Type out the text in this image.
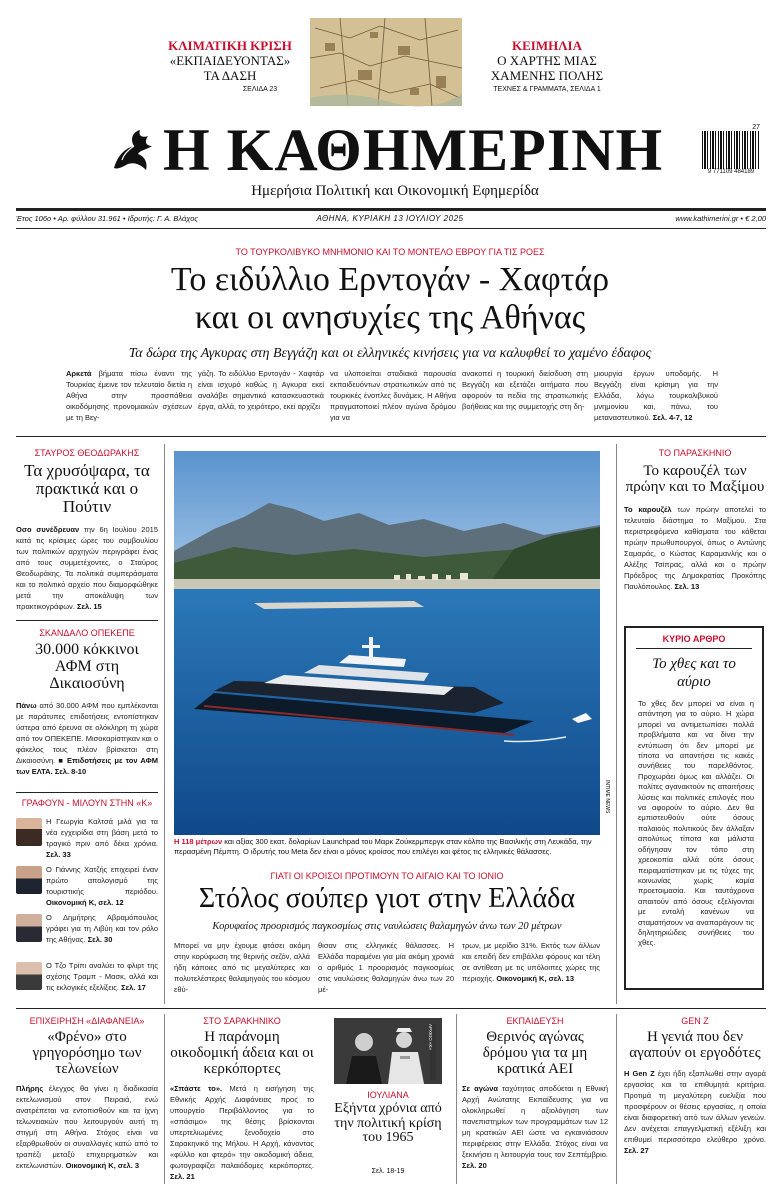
ΚΛΙΜΑΤΙΚΗ ΚΡΙΣΗ
«ΕΚΠΑΙΔΕΥΟΝΤΑΣ»
ΤΑ ΔΑΣΗ
ΣΕΛΙΔΑ 23
ΚΕΙΜΗΛΙΑ
Ο ΧΑΡΤΗΣ ΜΙΑΣ
ΧΑΜΕΝΗΣ ΠΟΛΗΣ
ΤΕΧΝΕΣ & ΓΡΑΜΜΑΤΑ, ΣΕΛΙΔΑ 1
Η ΚΑΘΗΜΕΡΙΝΗ
Ημερήσια Πολιτική και Οικονομική Εφημερίδα
27
9 771109 484189
Έτος 106ο • Αρ. φύλλου 31.961 • Ιδρυτής: Γ. Α. Βλάχος	ΑΘΗΝΑ, ΚΥΡΙΑΚΗ 13 ΙΟΥΛΙΟΥ 2025	www.kathimerini.gr • € 2,00
ΤΟ ΤΟΥΡΚΟΛΙΒΥΚΟ ΜΝΗΜΟΝΙΟ ΚΑΙ ΤΟ ΜΟΝΤΕΛΟ ΕΒΡΟΥ ΓΙΑ ΤΙΣ ΡΟΕΣ
Το ειδύλλιο Ερντογάν - Χαφτάρ
και οι ανησυχίες της Αθήνας
Τα δώρα της Αγκυρας στη Βεγγάζη και οι ελληνικές κινήσεις για να καλυφθεί το χαμένο έδαφος
Αρκετά βήματα πίσω έναντι της Τουρκίας έμεινε τον τελευταίο διετία η Αθήνα στην προσπάθεια οικοδόμησης προνομιακών σχέσεων με τη Βεγ-
γάζη. Το ειδύλλιο Ερντογάν - Χαφτάρ είναι ισχυρό καθώς η Αγκυρα εκεί αναλάβει σημαντικά κατασκευαστικά έργα, αλλά, το χειρότερο, εκεί αρχίζει
να υλοποιείται σταδιακά παρουσία εκπαιδευόντων στρατιωτικών από τις τουρκικές ένοπλες δυνάμεις. Η Αθήνα πραγματοποιεί πλέον αγώνα δρόμου για να
ανακοπεί η τουρκική διείσδυση στη Βεγγάζη και εξετάζει αιτήματα που αφορούν τα πεδία της στρατιωτικής βοήθειας και της συμμετοχής στη δη-
μιουργία έργων υποδομής. Η Βεγγάζη είναι κρίσιμη για την Ελλάδα, λόγω τουρκολιβυκού μνημονίου και, πάνω, του μεταναστευτικού. Σελ. 4-7, 12
ΣΤΑΥΡΟΣ ΘΕΟΔΩΡΑΚΗΣ
Τα χρυσόψαρα, τα πρακτικά και ο Πούτιν
Οσο συνέδρευαν την 6η Ιουλίου 2015 κατά τις κρίσιμες ώρες του συμβουλίου των πολιτικών αρχηγών περιγράφει ένας από τους συμμετέχοντες, ο Σταύρος Θεοδωράκης. Τα πολιτικά συμπεράσματα και το πολιτικό αρχείο που διαμορφώθηκε μετά την αποκάλυψη των πρακτικογράφων. Σελ. 15
ΣΚΑΝΔΑΛΟ ΟΠΕΚΕΠΕ
30.000 κόκκινοι ΑΦΜ στη Δικαιοσύνη
Πάνω από 30.000 ΑΦΜ που εμπλέκονται με παράτυπες επιδοτήσεις εντοπίστηκαν ύστερα από έρευνα σε ολόκληρη τη χώρα από τον ΟΠΕΚΕΠΕ. Μισοκαρίστηκαν και ο φάκελος τους πλέον βρίσκεται στη Δικαιοσύνη. ■ Επιδοτήσεις με τον ΑΦΜ των ΕΛΤΑ. Σελ. 8-10
ΓΡΑΦΟΥΝ - ΜΙΛΟΥΝ ΣΤΗΝ «Κ»
Η Γεωργία Καλτσά μιλά για τα νέα εγχειρίδια στη βάση μετά το τραγικό πριν από δέκα χρόνια. Σελ. 33
Ο Γιάννης Χατζής επιχειρεί έναν πρώτο απολογισμό της τουριστικής περιόδου. Οικονομική Κ, σελ. 12
Ο Δημήτρης Αβραμόπουλος γράφει για τη Λιβύη και τον ρόλο της Αθήνας. Σελ. 30
Ο Τζο Τρίπι αναλύει το φλιρτ της σχέσης Τραμπ - Μασκ, αλλά και τις εκλογικές εξελίξεις. Σελ. 17
Η 118 μέτρων και αξίας 300 εκατ. δολαρίων Launchpad του Μαρκ Ζούκερμπεργκ σταν κόλπο της Βασιλικής στη Λευκάδα, την περασμένη Πέμπτη. Ο ιδρυτής του Meta δεν είναι ο μόνος κροίσος που επιλέγει και φέτος τις ελληνικές θάλασσες.
INTIME NEWS
ΓΙΑΤΙ ΟΙ ΚΡΟΙΣΟΙ ΠΡΟΤΙΜΟΥΝ ΤΟ ΑΙΓΑΙΟ ΚΑΙ ΤΟ ΙΟΝΙΟ
Στόλος σούπερ γιοτ στην Ελλάδα
Κορυφαίος προορισμός παγκοσμίως στις ναυλώσεις θαλαμηγών άνω των 20 μέτρων
Μπορεί να μην έχουμε φτάσει ακόμη στην κορύφωση της θερινής σεζόν, αλλά ήδη κάποιες από τις μεγαλύτερες και πολυτελέστερες θαλαμηγούς του κόσμου εθύ-
θισαν στις ελληνικές θάλασσες. Η Ελλάδα παραμένει για μία ακόμη χρονιά ο αριθμός 1 προορισμός παγκοσμίως στις ναυλώσεις θαλαμηγών άνω των 20 μέ-
τρων, με μερίδιο 31%. Εκτός των άλλων και επειδή δεν επιβάλλει φόρους και τέλη σε αντίθεση με τις υπόλοιπες χώρες της περιοχής. Οικονομική Κ, σελ. 13
ΤΟ ΠΑΡΑΣΚΗΝΙΟ
Το καρουζέλ των πρώην και το Μαξίμου
Το καρουζέλ των πρώην αποτελεί το τελευταίο διάστημα το Μαξίμου. Στα περιστρεφόμενα καθίσματα του κάθεται πρώην πρωθυπουργοί, όπως ο Αντώνης Σαμαράς, ο Κώστας Καραμανλής και ο Αλέξης Τσίπρας, αλλά και ο πρώην Πρόεδρος της Δημοκρατίας Προκόπης Παυλόπουλος. Σελ. 13
ΚΥΡΙΟ ΑΡΘΡΟ
Το χθες και το αύριο
Το χθες δεν μπορεί να είναι η απάντηση για το αύριο. Η χώρα μπορεί να αντιμετωπίσει πολλά προβλήματα και να δίνει την εντύπωση ότι δεν μπορεί με τίποτα να απαντήσει τις κακές συνήθειες του παρελθόντος. Προχωράει όμως και αλλάζει. Οι πολίτες αγανακτούν τις απαιτήσεις λύσεις και πολιτικές επιλογές που να αφορούν το αύριο. Δεν θα εμπιστευθούν ούτε όσους παλαιούς πολιτικούς δεν άλλαξαν απολύτως τίποτα και μάλιστα οδήγησαν τον τόπο στη χρεοκοπία αλλά ούτε όσους πειραματίστηκαν με τις τύχες της κοινωνίας χωρίς καμία προετοιμασία. Και ταυτόχρονα απαιτούν από όσους εξελίγονται με εντολή κανένων να σταματήσουν να αναπαράγουν τις δηλητηριώδεις συνήθειες του χθες.
ΕΠΙΧΕΙΡΗΣΗ «ΔΙΑΦΑΝΕΙΑ»
«Φρένο» στο γρηγορόσημο των τελωνείων
Πλήρης έλεγχος θα γίνει η διαδικασία εκτελωνισμού στον Πειραιά, ενώ ανατρέπεται να εντοπισθούν και τα ίχνη τελωνειακών που λειτουργούν αυτή τη στιγμή στη Αθήνα. Στόχος είναι να εξαρθρωθούν οι συναλλαγές κατώ από το τραπέζι μεταξύ επιχειρηματιών και εκτελωνιστών. Οικονομική Κ, σελ. 3
ΣΤΟ ΣΑΡΑΚΗΝΙΚΟ
Η παράνομη οικοδομική άδεια και οι κερκόπορτες
«Σπάστε το». Μετά η εισήγηση της Εθνικής Αρχής Διαφάνειας προς το υπουργείο Περιβάλλοντος για το «σπάσιμο» της θέσης βρίσκονται υπερτελιωμένες ξενοδοχείο στο Σαρακηνικό της Μήλου. Η Αρχή, κάνοντας «φύλλο και φτερό» την οικοδομική άδεια, φωτογραφίζει παλαιόδομες κερκόπορτες. Σελ. 21
ΑΡΧΕΙΟ «Κ»
ΙΟΥΛΙΑΝΑ
Εξήντα χρόνια από την πολιτική κρίση του 1965
Σελ. 18-19
ΕΚΠΑΙΔΕΥΣΗ
Θερινός αγώνας δρόμου για τα μη κρατικά ΑΕΙ
Σε αγώνα ταχύτητας αποδύεται η Εθνική Αρχή Ανώτατης Εκπαίδευσης για να ολοκληρωθεί η αξιολόγηση των πανεπιστημίων των προγραμμάτων των 12 μη κρατικών ΑΕΙ ώστε να εγκαινιάσουν περιφέρειας στην Ελλάδα. Στόχος είναι να ξεκινήσει η λειτουργία τους τον Σεπτέμβριο. Σελ. 20
GEN Z
Η γενιά που δεν αγαπούν οι εργοδότες
Η Gen Z έχει ήδη εξαπλωθεί στην αγορά εργασίας και τα επιθυμητά κριτήρια. Προτιμά τη μεγαλύτερη ευελιξία που προσφέρουν οι θέσεις εργασίας, η οποία είναι διαφορετική από των άλλων γενεών. Δεν ανέχεται επαγγελματική εξέλιξη και επιθυμεί περισσότερο ελεύθερο χρόνο. Σελ. 27
